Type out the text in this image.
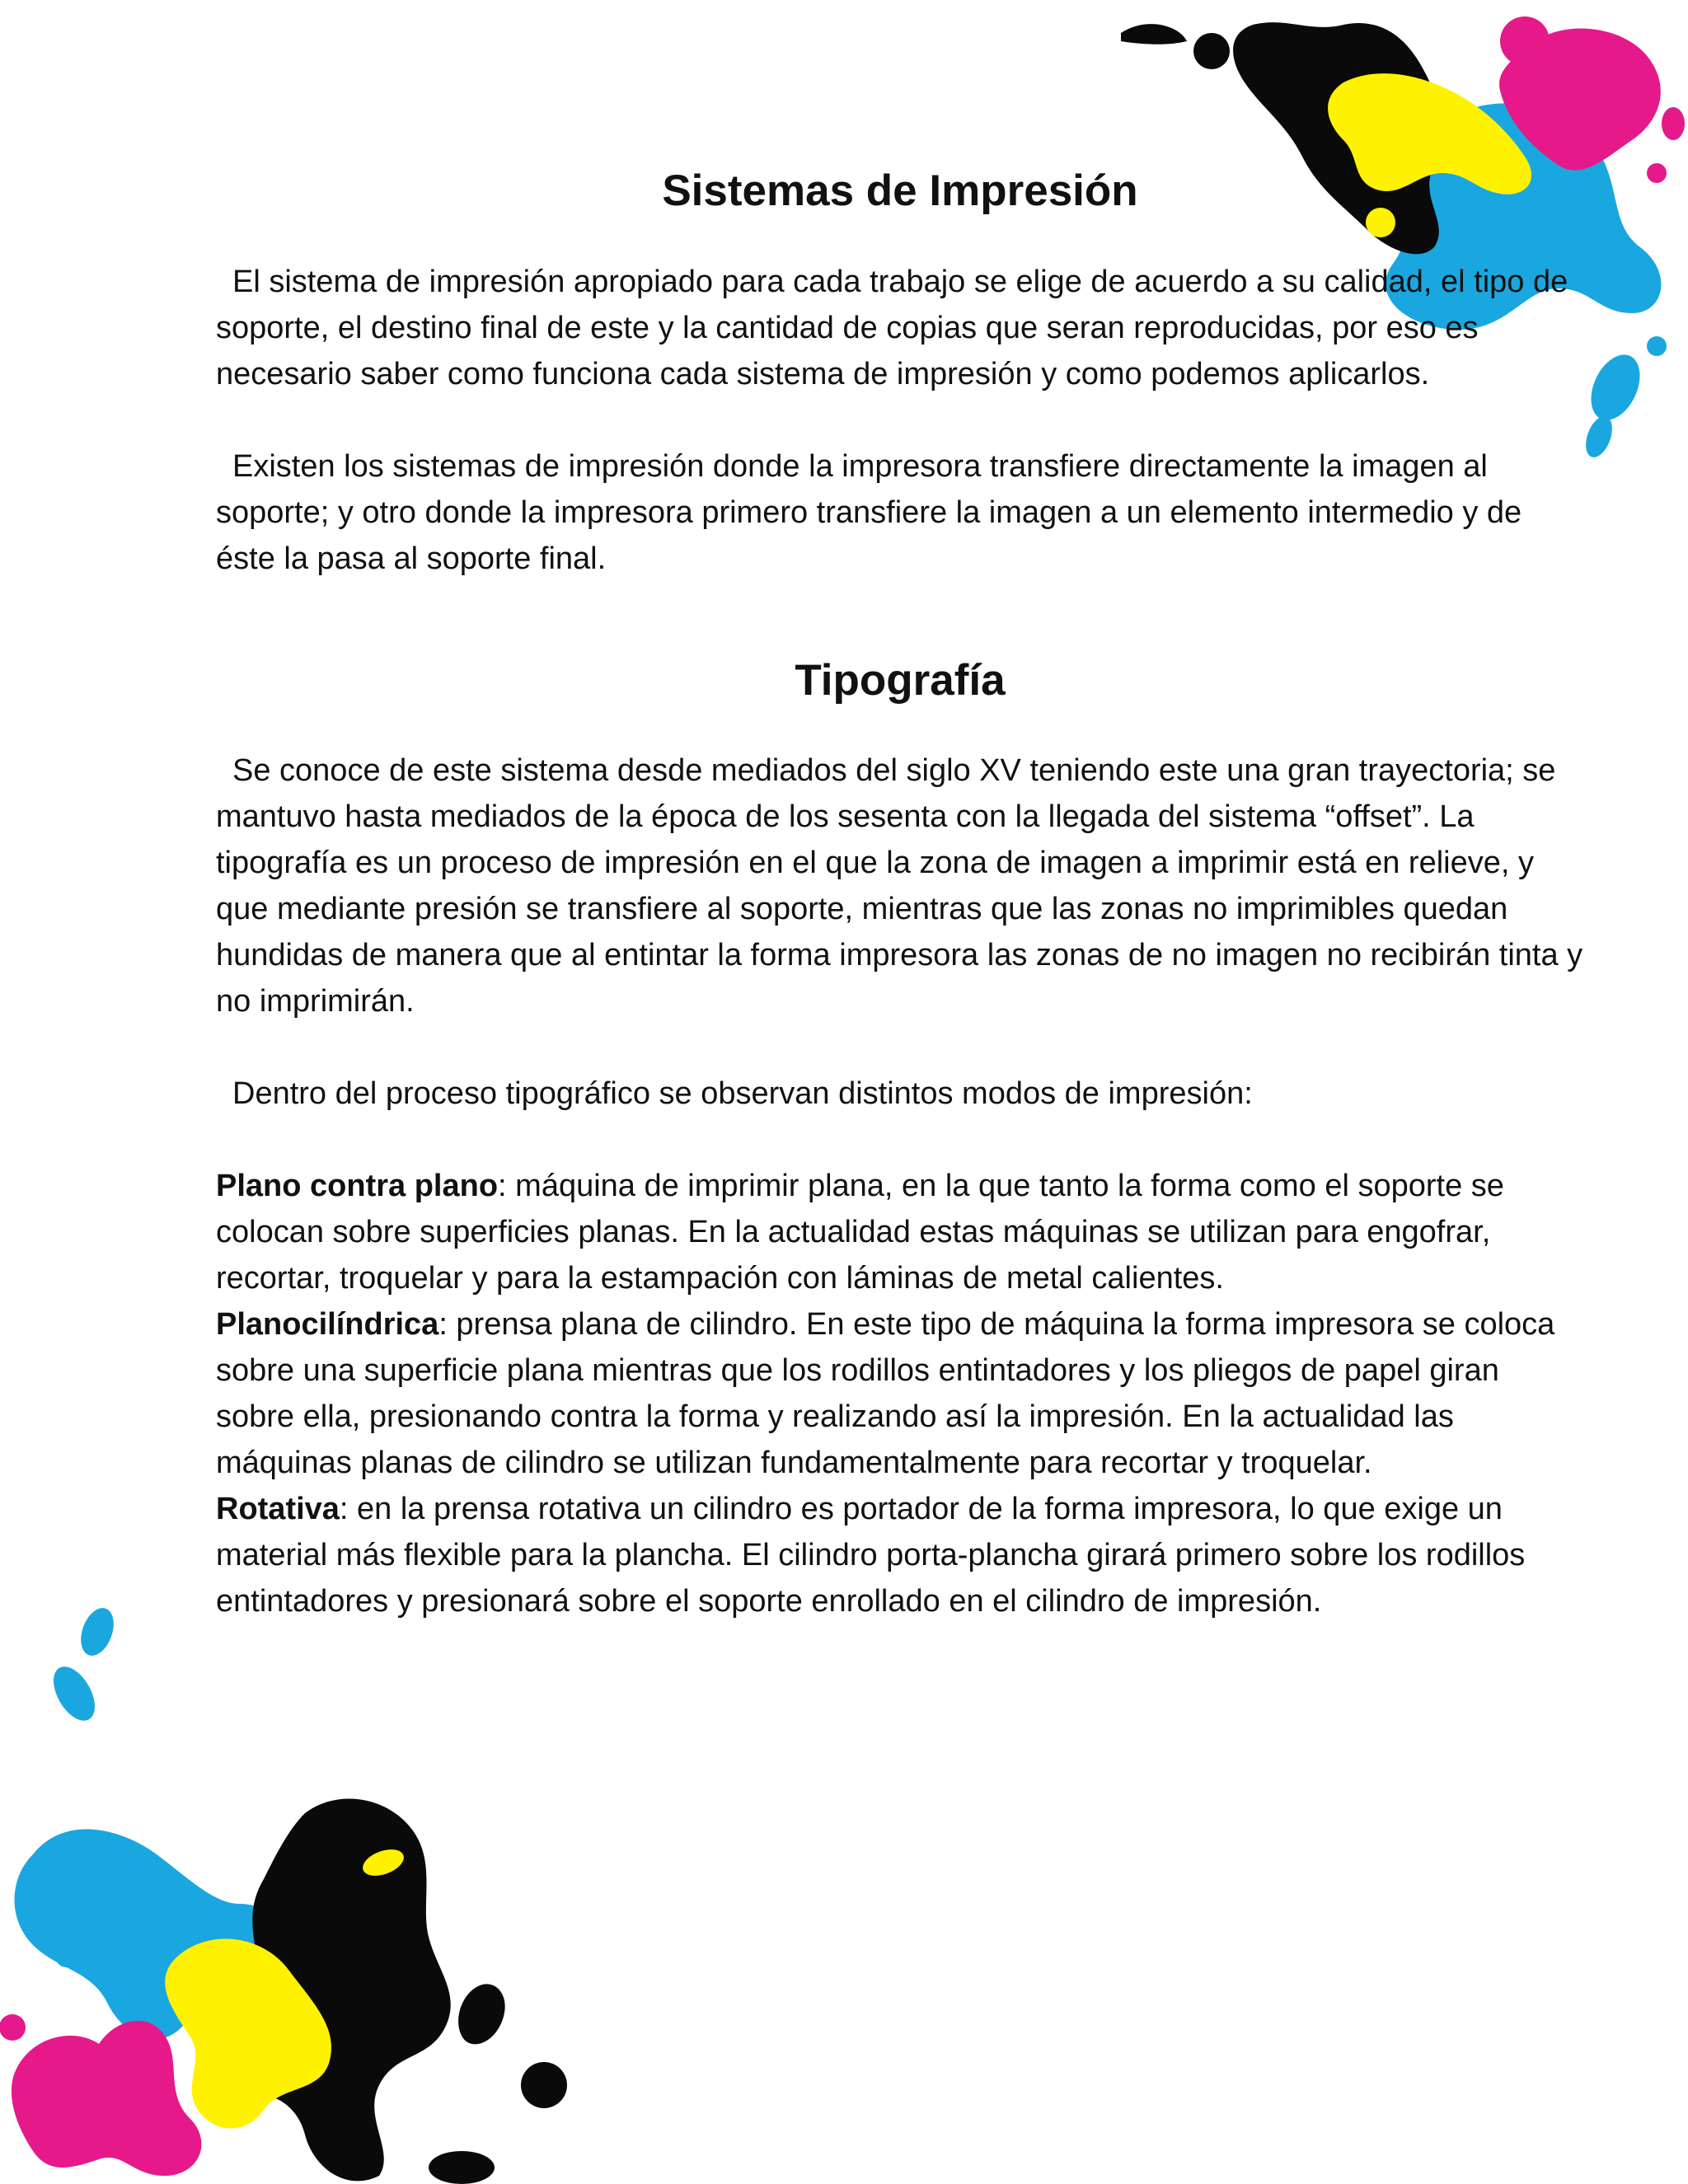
Sistemas de Impresión

El sistema de impresión apropiado para cada trabajo se elige de acuerdo a su calidad, el tipo de soporte, el destino final de este y la cantidad de copias que seran reproducidas, por eso es necesario saber como funciona cada sistema de impresión y como podemos aplicarlos.

Existen los sistemas de impresión donde la impresora transfiere directamente la imagen al soporte; y otro donde la impresora primero transfiere la imagen a un elemento intermedio y de éste la pasa al soporte final.

Tipografía

Se conoce de este sistema desde mediados del siglo XV teniendo este una gran trayectoria; se mantuvo hasta mediados de la época de los sesenta con la llegada del sistema “offset”. La tipografía es un proceso de impresión en el que la zona de imagen a imprimir está en relieve, y que mediante presión se transfiere al soporte, mientras que las zonas no imprimibles quedan hundidas de manera que al entintar la forma impresora las zonas de no imagen no recibirán tinta y no imprimirán.

Dentro del proceso tipográfico se observan distintos modos de impresión:

Plano contra plano: máquina de imprimir plana, en la que tanto la forma como el soporte se colocan sobre superficies planas. En la actualidad estas máquinas se utilizan para engofrar, recortar, troquelar y para la estampación con láminas de metal calientes.

Planocilíndrica: prensa plana de cilindro. En este tipo de máquina la forma impresora se coloca sobre una superficie plana mientras que los rodillos entintadores y los pliegos de papel giran sobre ella, presionando contra la forma y realizando así la impresión. En la actualidad las máquinas planas de cilindro se utilizan fundamentalmente para recortar y troquelar.

Rotativa: en la prensa rotativa un cilindro es portador de la forma impresora, lo que exige un material más flexible para la plancha. El cilindro porta-plancha girará primero sobre los rodillos entintadores y presionará sobre el soporte enrollado en el cilindro de impresión.
